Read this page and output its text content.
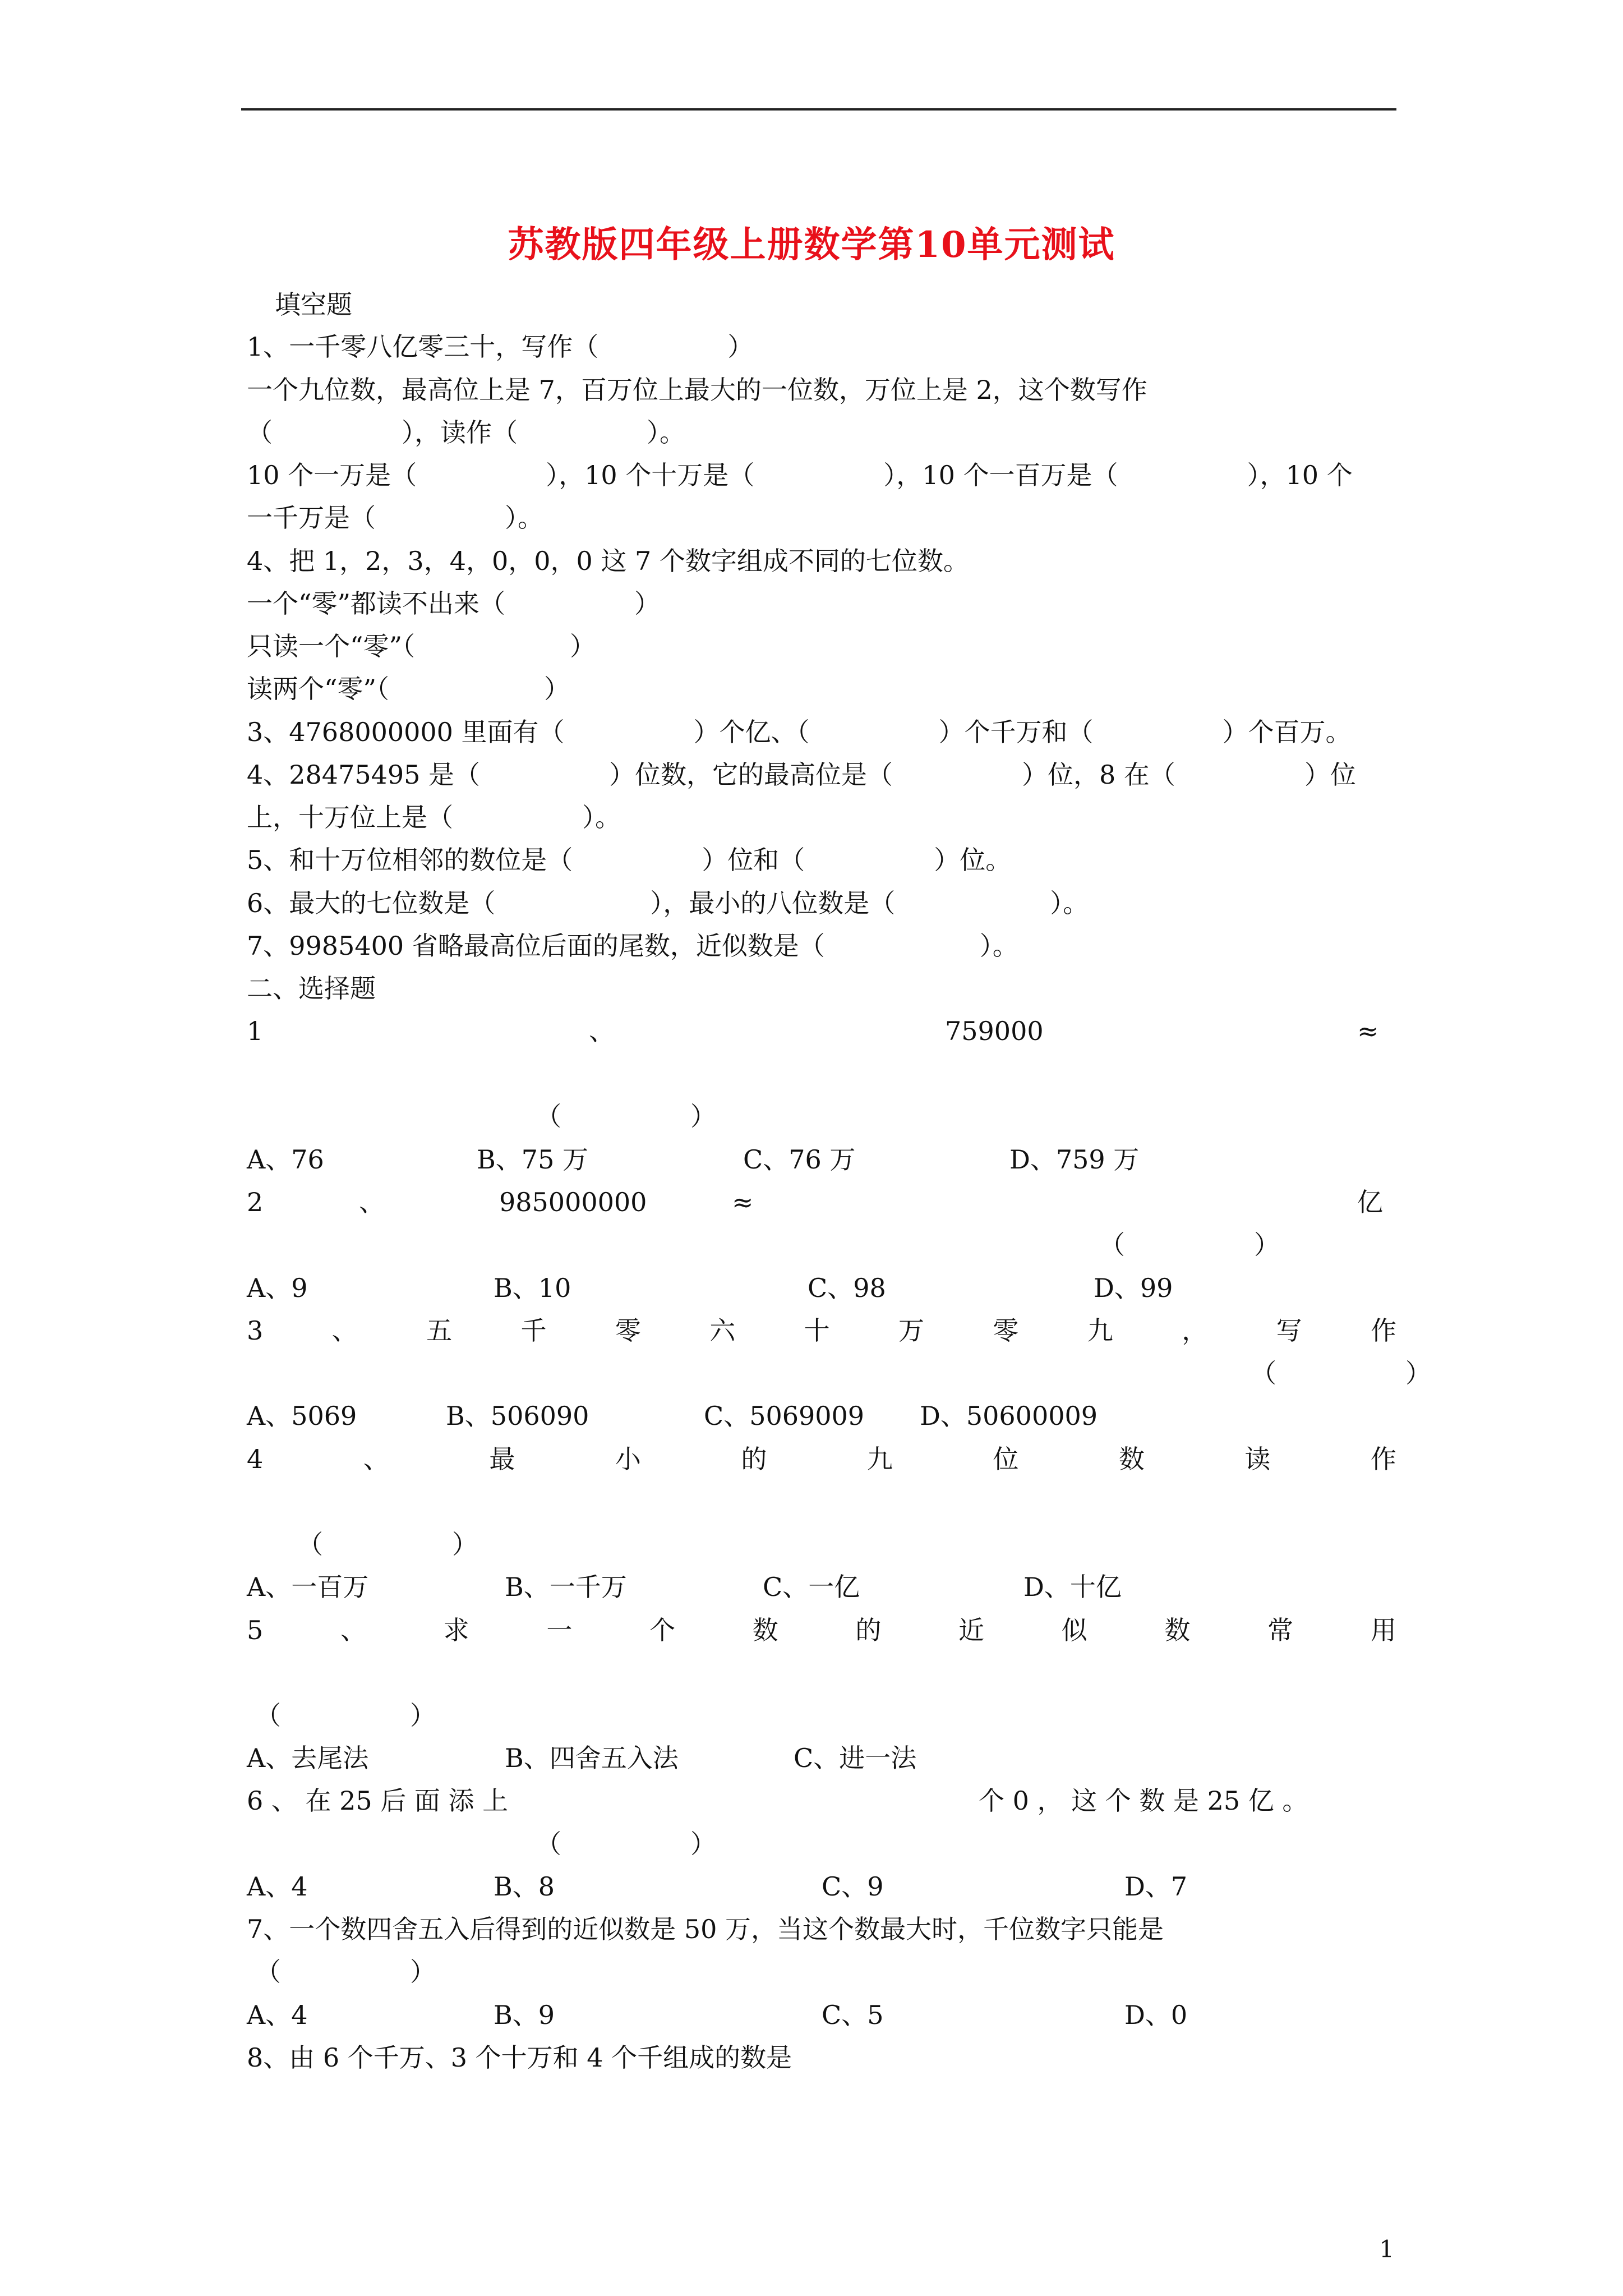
苏教版四年级上册数学第10单元测试
填空题
1、一千零八亿零三十，写作（　　　　　）
一个九位数，最高位上是 7，百万位上最大的一位数，万位上是 2，这个数写作
（　　　　　），读作（　　　　　）。
10 个一万是（　　　　　），10 个十万是（　　　　　），10 个一百万是（　　　　　），10 个
一千万是（　　　　　）。
4、把 1，2，3，4，0，0，0 这 7 个数字组成不同的七位数。
一个“零”都读不出来（　　　　　）
只读一个“零”（　　　　　　）
读两个“零”（　　　　　　）
3、4768000000 里面有（　　　　　）个亿、（　　　　　）个千万和（　　　　　）个百万。
4、28475495 是（　　　　　）位数，它的最高位是（　　　　　）位，8 在（　　　　　）位
上，十万位上是（　　　　　）。
5、和十万位相邻的数位是（　　　　　）位和（　　　　　）位。
6、最大的七位数是（　　　　　　），最小的八位数是（　　　　　　）。
7、9985400 省略最高位后面的尾数，近似数是（　　　　　　）。
二、选择题
1	、	759000	≈
（　　　　　）
A、76	B、75 万	C、76 万	D、759 万
2	、	985000000	≈	亿
（　　　　　）
A、9	B、10	C、98	D、99
3	、	五	千	零	六	十	万	零	九	，	写	作
（　　　　　）
A、5069	B、506090	C、5069009 D、50600009
4	、	最	小	的	九	位	数	读	作
（　　　　　）
A、一百万	B、一千万	C、一亿	D、十亿
5	、	求	一	个	数	的	近	似	数	常	用
（　　　　　）
A、去尾法	B、四舍五入法	C、进一法
6 、 在 25 后 面 添 上	个 0 ， 这 个 数 是 25 亿 。
（　　　　　）
A、4	B、8	C、9	D、7
7、一个数四舍五入后得到的近似数是 50 万，当这个数最大时，千位数字只能是
（　　　　　）
A、4	B、9	C、5	D、0
8、由 6 个千万、3 个十万和 4 个千组成的数是
1
